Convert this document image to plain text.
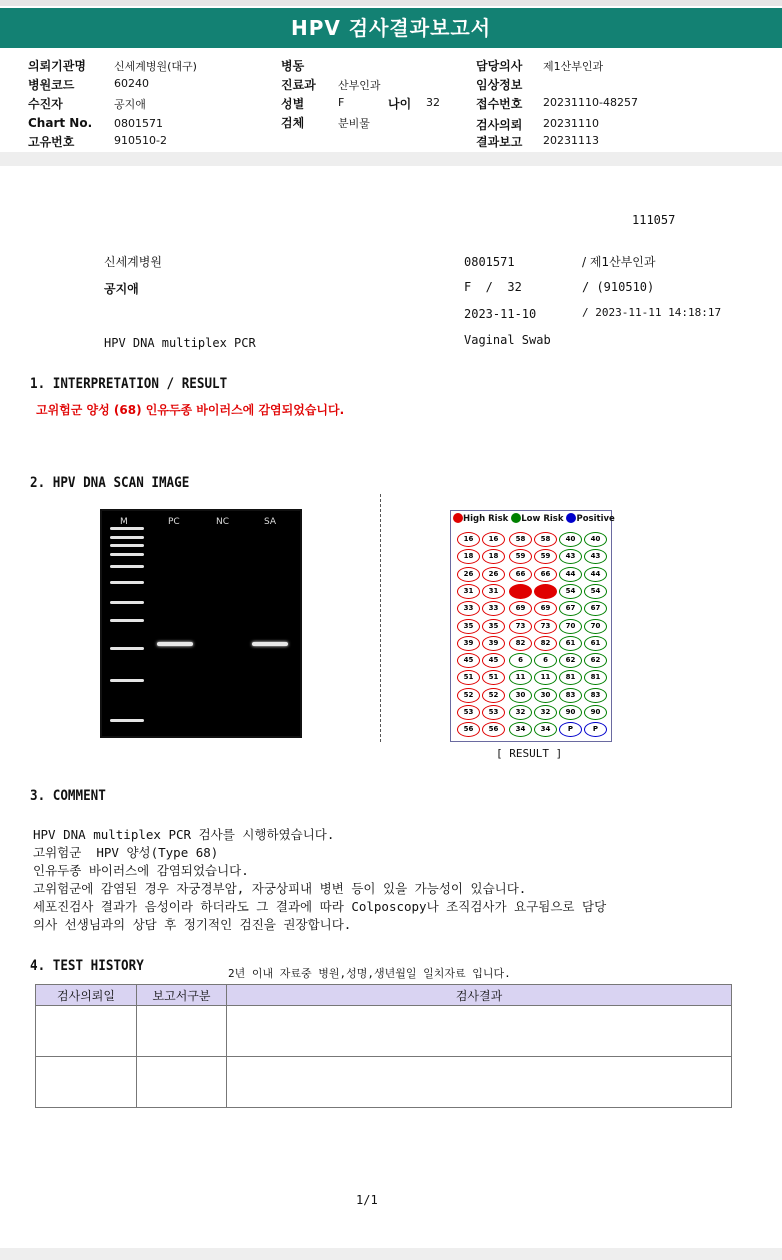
HPV 검사결과보고서
의뢰기관명	신세계병원(대구)
병원코드	60240
수진자	공지애
Chart No. 0801571
고유번호	910510-2
병동
진료과 산부인과
성별	F	나이 32
검체	분비물
담당의사 제1산부인과
임상정보
접수번호 20231110-48257
검사의뢰 20231110
결과보고 20231113
111057
신세계병원
공지애
HPV DNA multiplex PCR
0801571
F  /  32
2023-11-10
Vaginal Swab
/ 제1산부인과
/ (910510)
/ 2023-11-11 14:18:17
1. INTERPRETATION / RESULT
고위험군 양성 (68) 인유두종 바이러스에 감염되었습니다.
2. HPV DNA SCAN IMAGE
M	PC	NC	SA	High Risk Low Risk Positive
16	16
18	18
26	26
31	31
33	33
35	35
39	39
45	45
51	51
52	52
53	53
56	56
58	58
59	59
66	66
68	68
69	69
73	73
82	82
6	6
11	11
30	30
32	32
34	34
40	40
43	43
44	44
54	54
67	67
70	70
61	61
62	62
81	81
83	83
90	90
P	P
[ RESULT ]
3. COMMENT
HPV DNA multiplex PCR 검사를 시행하였습니다.
고위험군  HPV 양성(Type 68)
인유두종 바이러스에 감염되었습니다.
고위험군에 감염된 경우 자궁경부암, 자궁상피내 병변 등이 있을 가능성이 있습니다.
세포진검사 결과가 음성이라 하더라도 그 결과에 따라 Colposcopy나 조직검사가 요구됨으로 담당
의사 선생님과의 상담 후 정기적인 검진을 권장합니다.
4. TEST HISTORY	2년 이내 자료중 병원,성명,생년월일 일치자료 입니다.
검사의뢰일	보고서구분	검사결과

1/1
